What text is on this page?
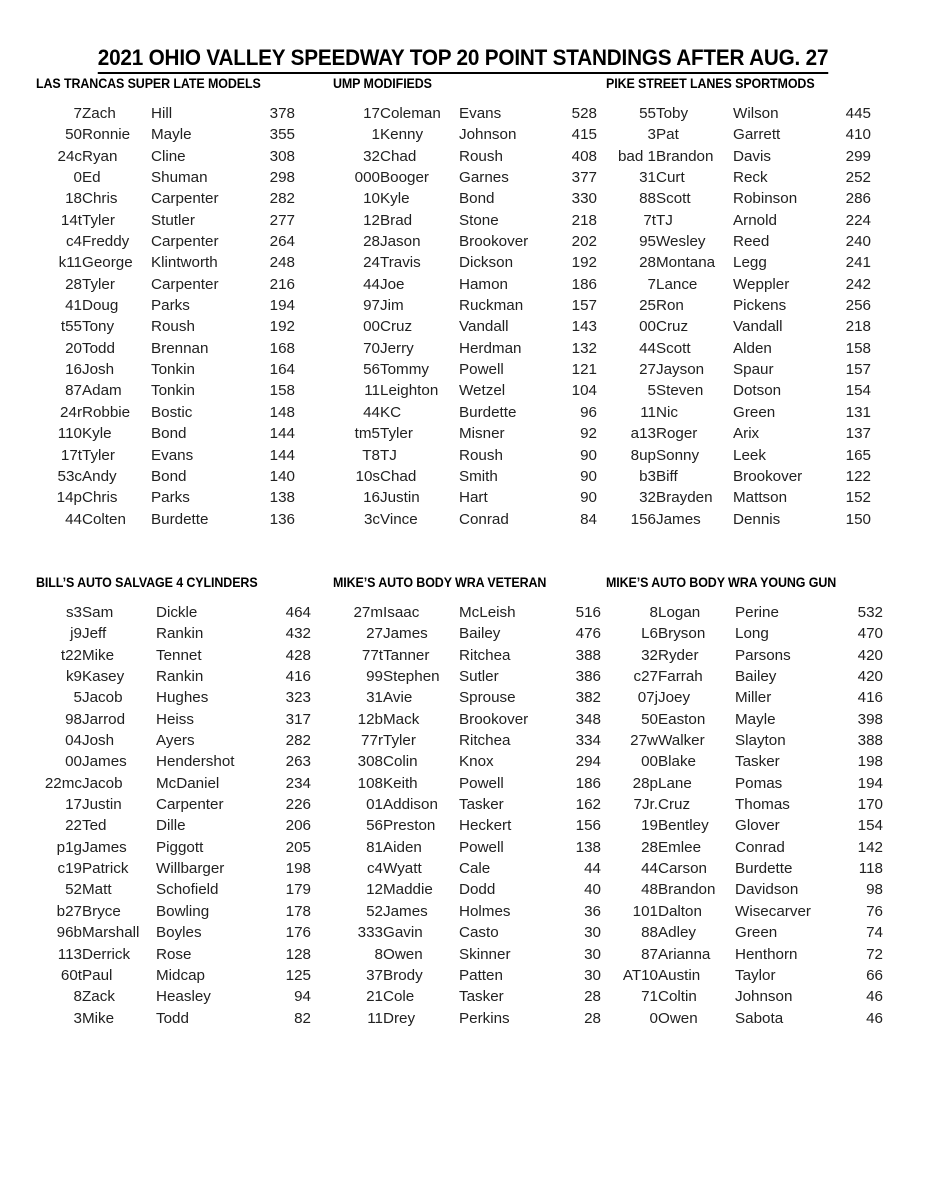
2021 OHIO VALLEY SPEEDWAY TOP 20 POINT STANDINGS AFTER AUG. 27
LAS TRANCAS SUPER LATE MODELS
7	Zach	Hill	378
50	Ronnie	Mayle	355
24c	Ryan	Cline	308
0	Ed	Shuman	298
18	Chris	Carpenter	282
14t	Tyler	Stutler	277
c4	Freddy	Carpenter	264
k11	George	Klintworth	248
28	Tyler	Carpenter	216
41	Doug	Parks	194
t55	Tony	Roush	192
20	Todd	Brennan	168
16	Josh	Tonkin	164
87	Adam	Tonkin	158
24r	Robbie	Bostic	148
110	Kyle	Bond	144
17t	Tyler	Evans	144
53c	Andy	Bond	140
14p	Chris	Parks	138
44	Colten	Burdette	136
UMP MODIFIEDS
17	Coleman	Evans	528
1	Kenny	Johnson	415
32	Chad	Roush	408
000	Booger	Garnes	377
10	Kyle	Bond	330
12	Brad	Stone	218
28	Jason	Brookover	202
24	Travis	Dickson	192
44	Joe	Hamon	186
97	Jim	Ruckman	157
00	Cruz	Vandall	143
70	Jerry	Herdman	132
56	Tommy	Powell	121
11	Leighton	Wetzel	104
44	KC	Burdette	96
tm5	Tyler	Misner	92
T8	TJ	Roush	90
10s	Chad	Smith	90
16	Justin	Hart	90
3c	Vince	Conrad	84
PIKE STREET LANES SPORTMODS
55	Toby	Wilson	445
3	Pat	Garrett	410
bad 1	Brandon	Davis	299
31	Curt	Reck	252
88	Scott	Robinson	286
7t	TJ	Arnold	224
95	Wesley	Reed	240
28	Montana	Legg	241
7	Lance	Weppler	242
25	Ron	Pickens	256
00	Cruz	Vandall	218
44	Scott	Alden	158
27	Jayson	Spaur	157
5	Steven	Dotson	154
11	Nic	Green	131
a13	Roger	Arix	137
8up	Sonny	Leek	165
b3	Biff	Brookover	122
32	Brayden	Mattson	152
156	James	Dennis	150
BILL’S AUTO SALVAGE 4 CYLINDERS
s3	Sam	Dickle	464
j9	Jeff	Rankin	432
t22	Mike	Tennet	428
k9	Kasey	Rankin	416
5	Jacob	Hughes	323
98	Jarrod	Heiss	317
04	Josh	Ayers	282
00	James	Hendershot	263
22mc	Jacob	McDaniel	234
17	Justin	Carpenter	226
22	Ted	Dille	206
p1g	James	Piggott	205
c19	Patrick	Willbarger	198
52	Matt	Schofield	179
b27	Bryce	Bowling	178
96b	Marshall	Boyles	176
113	Derrick	Rose	128
60t	Paul	Midcap	125
8	Zack	Heasley	94
3	Mike	Todd	82
MIKE’S AUTO BODY WRA VETERAN
27m	Isaac	McLeish	516
27	James	Bailey	476
77t	Tanner	Ritchea	388
99	Stephen	Sutler	386
31	Avie	Sprouse	382
12b	Mack	Brookover	348
77r	Tyler	Ritchea	334
308	Colin	Knox	294
108	Keith	Powell	186
01	Addison	Tasker	162
56	Preston	Heckert	156
81	Aiden	Powell	138
c4	Wyatt	Cale	44
12	Maddie	Dodd	40
52	James	Holmes	36
333	Gavin	Casto	30
8	Owen	Skinner	30
37	Brody	Patten	30
21	Cole	Tasker	28
11	Drey	Perkins	28
MIKE’S AUTO BODY WRA YOUNG GUN
8	Logan	Perine	532
L6	Bryson	Long	470
32	Ryder	Parsons	420
c27	Farrah	Bailey	420
07j	Joey	Miller	416
50	Easton	Mayle	398
27w	Walker	Slayton	388
00	Blake	Tasker	198
28p	Lane	Pomas	194
7Jr.	Cruz	Thomas	170
19	Bentley	Glover	154
28	Emlee	Conrad	142
44	Carson	Burdette	118
48	Brandon	Davidson	98
101	Dalton	Wisecarver	76
88	Adley	Green	74
87	Arianna	Henthorn	72
AT10	Austin	Taylor	66
71	Coltin	Johnson	46
0	Owen	Sabota	46
